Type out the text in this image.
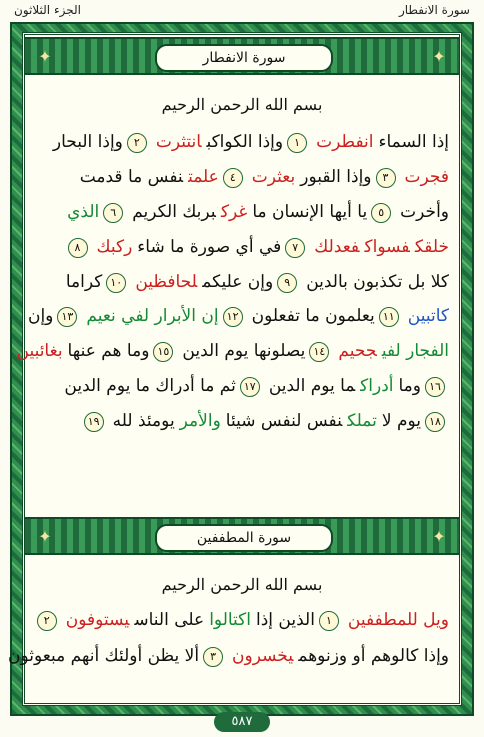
الجزء الثلاثون	سورة الانفطار
✦	سورة الانفطار	✦
بسم الله الرحمن الرحيم
✦	سورة المطففين	✦
بسم الله الرحمن الرحيم
إذا السماءانفطرت١وإذا الكواكبانتثرت٢وإذا البحار
فجرت٣وإذا القبوربعثرت٤علمتنفس ما قدمت
وأخرت٥يا أيها الإنسان ماغركبربك الكريم٦الذي
خلقكفسواكفعدلك٧في أي صورة ما شاءركبك٨
كلا بل تكذبون بالدين٩وإن عليكملحافظين١٠كراما
كاتبين١١يعلمون ما تفعلون١٢إن الأبرار لفي نعيم١٣وإن
الفجار لفيجحيم١٤يصلونها يوم الدين١٥وما هم عنهابغائبين
١٦وماأدراكما يوم الدين١٧ثم ما أدراك ما يوم الدين
١٨يوم لاتملكنفس لنفس شيئاوالأمريومئذ لله١٩
ويل للمطففين١الذين إذااكتالواعلى الناسيستوفون٢
وإذا كالوهم أو وزنوهميخسرون٣ألا يظن أولئك أنهم مبعوثون
٥٨٧
